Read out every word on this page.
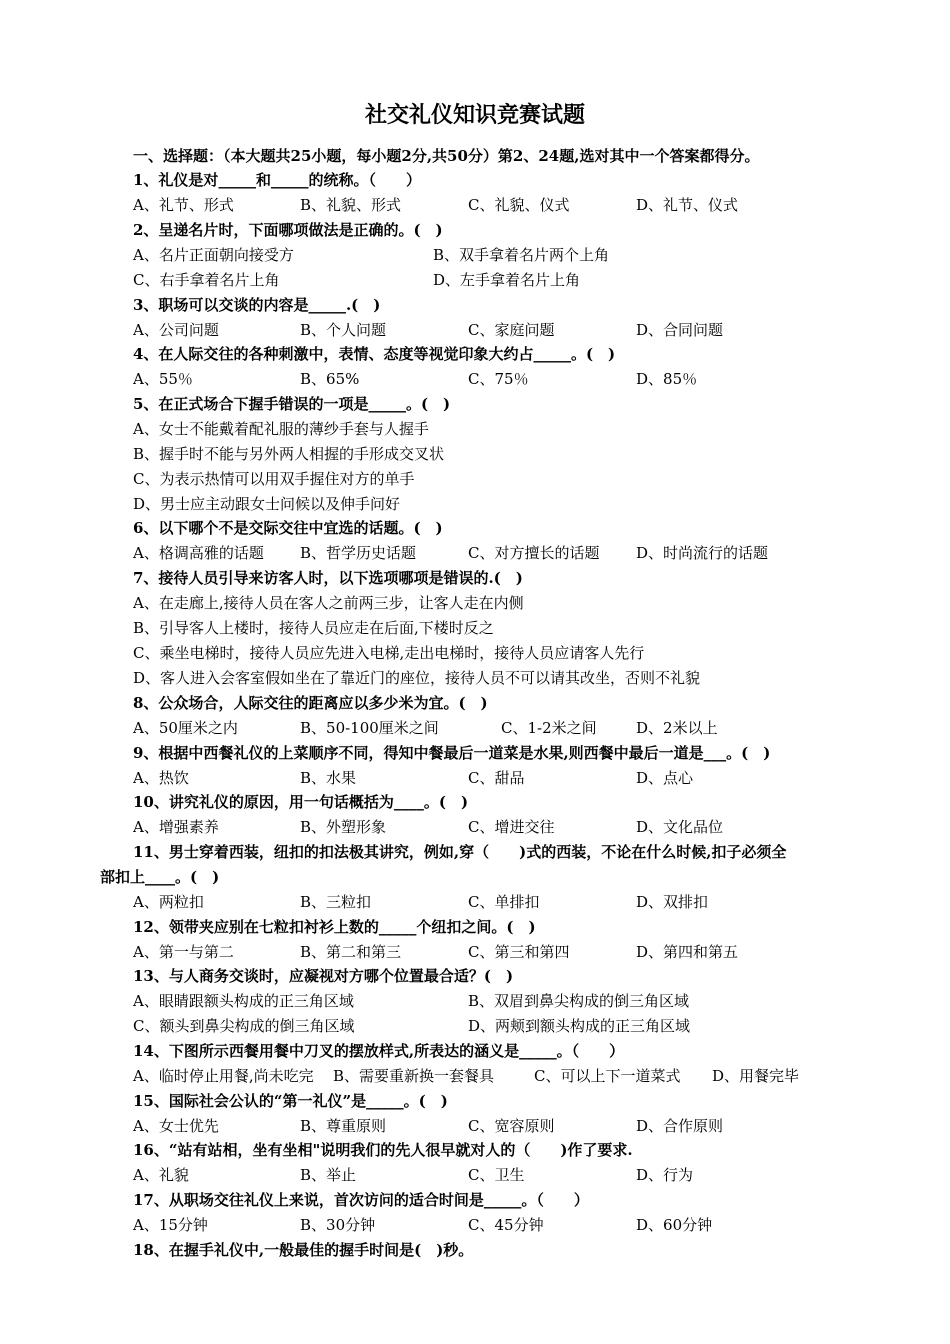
社交礼仪知识竞赛试题
一、选择题：（本大题共25小题，每小题2分,共50分）第2、24题,选对其中一个答案都得分。
1、礼仪是对_____和_____的统称。（　　）
A、礼节、形式	B、礼貌、形式	C、礼貌、仪式	D、礼节、仪式
2、呈递名片时，下面哪项做法是正确的。(　)
A、名片正面朝向接受方	B、双手拿着名片两个上角
C、右手拿着名片上角	D、左手拿着名片上角
3、职场可以交谈的内容是_____.(　)
A、公司问题	B、个人问题	C、家庭问题	D、合同问题
4、在人际交往的各种刺激中，表情、态度等视觉印象大约占_____。(　)
A、55％	B、65%	C、75％	D、85％
5、在正式场合下握手错误的一项是_____。(　)
A、女士不能戴着配礼服的薄纱手套与人握手
B、握手时不能与另外两人相握的手形成交叉状
C、为表示热情可以用双手握住对方的单手
D、男士应主动跟女士问候以及伸手问好
6、以下哪个不是交际交往中宜选的话题。(　)
A、格调高雅的话题 B、哲学历史话题	C、对方擅长的话题 D、时尚流行的话题
7、接待人员引导来访客人时，以下选项哪项是错误的.(　)
A、在走廊上,接待人员在客人之前两三步，让客人走在内侧
B、引导客人上楼时，接待人员应走在后面,下楼时反之
C、乘坐电梯时，接待人员应先进入电梯,走出电梯时，接待人员应请客人先行
D、客人进入会客室假如坐在了靠近门的座位，接待人员不可以请其改坐，否则不礼貌
8、公众场合，人际交往的距离应以多少米为宜。(　)
A、50厘米之内	B、50-100厘米之间	C、1-2米之间	D、2米以上
9、根据中西餐礼仪的上菜顺序不同，得知中餐最后一道菜是水果,则西餐中最后一道是___。(　)
A、热饮	B、水果	C、甜品	D、点心
10、讲究礼仪的原因，用一句话概括为____。(　)
A、增强素养	B、外塑形象	C、增进交往	D、文化品位
11、男士穿着西装，纽扣的扣法极其讲究，例如,穿（　　)式的西装，不论在什么时候,扣子必须全
部扣上____。(　)
A、两粒扣	B、三粒扣	C、单排扣	D、双排扣
12、领带夹应别在七粒扣衬衫上数的_____个纽扣之间。(　)
A、第一与第二	B、第二和第三	C、第三和第四	D、第四和第五
13、与人商务交谈时，应凝视对方哪个位置最合适？(　)
A、眼睛跟额头构成的正三角区域	B、双眉到鼻尖构成的倒三角区域
C、额头到鼻尖构成的倒三角区域	D、两颊到额头构成的正三角区域
14、下图所示西餐用餐中刀叉的摆放样式,所表达的涵义是_____。（　　）
A、临时停止用餐,尚未吃完 B、需要重新换一套餐具	C、可以上下一道菜式 D、用餐完毕
15、国际社会公认的“第一礼仪”是_____。(　)
A、女士优先	B、尊重原则	C、宽容原则	D、合作原则
16、“站有站相，坐有坐相"说明我们的先人很早就对人的（　　)作了要求.
A、礼貌	B、举止	C、卫生	D、行为
17、从职场交往礼仪上来说，首次访问的适合时间是_____。（　　）
A、15分钟	B、30分钟	C、45分钟	D、60分钟
18、在握手礼仪中,一般最佳的握手时间是(　)秒。
